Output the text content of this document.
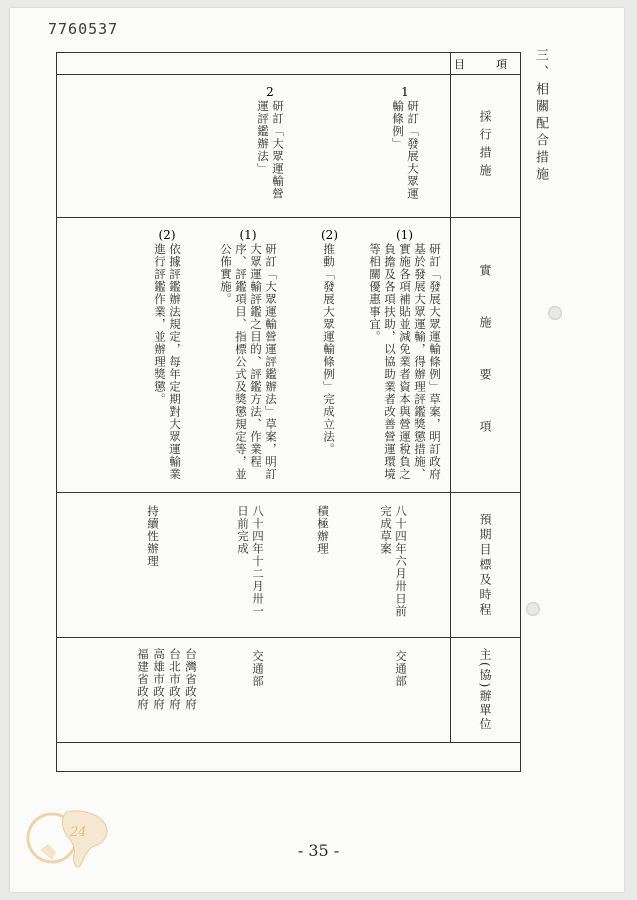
7760537
三、相關配合措施
目　項
採行措施
1
研訂「發展大眾運輸條例」
2
研訂「大眾運輸營運評鑑辦法」
實　施　要　項
(1)
研訂「發展大眾運輸條例」草案，明訂政府基於發展大眾運輸，得辦理評鑑獎懲措施、實施各項補貼並減免業者資本與營運稅負之負擔及各項扶助，以協助業者改善營運環境等相關優惠事宜。
(2)
推動「發展大眾運輸條例」完成立法。
(1)
研訂「大眾運輸營運評鑑辦法」草案，明訂大眾運輸評鑑之目的、評鑑方法、作業程序、評鑑項目、指標公式及獎懲規定等，並公佈實施。
(2)
依據評鑑辦法規定，每年定期對大眾運輸業進行評鑑作業，並辦理獎懲。
預期目標及時程
八十四年六月卅日前完成草案
積極辦理
八十四年十二月卅一日前完成
持續性辦理
主(協)辦單位
交通部
交通部
台灣省政府
台北市政府
高雄市政府
福建省政府
24
- 35 -
